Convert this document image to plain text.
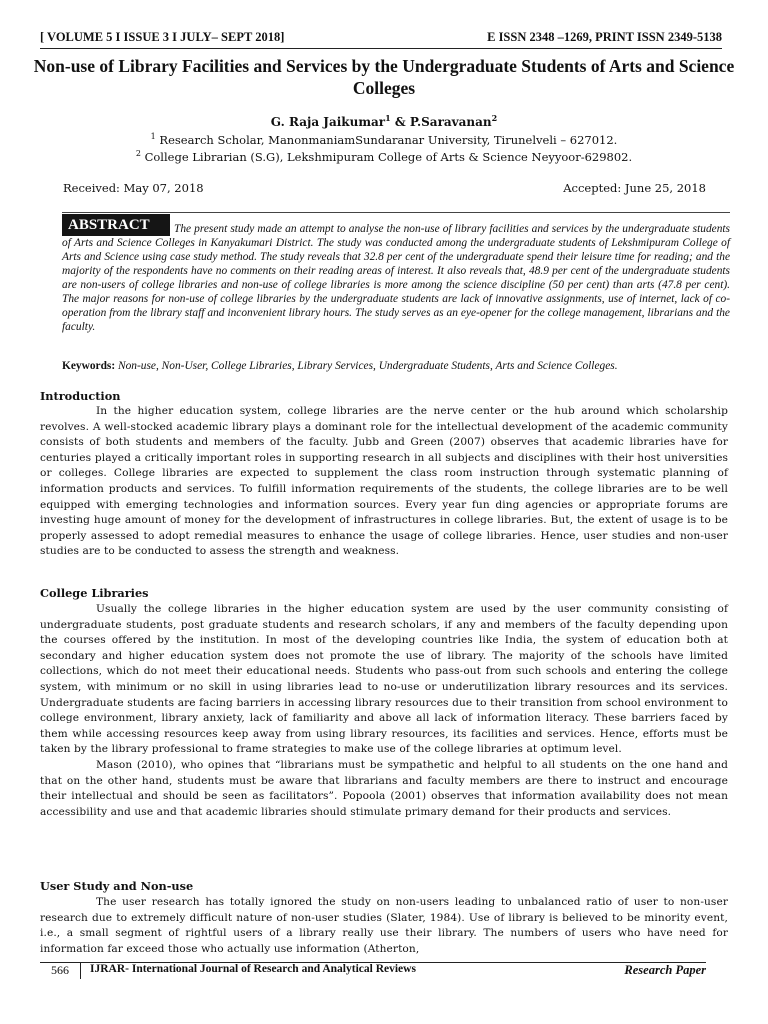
[ VOLUME 5 I ISSUE 3 I JULY– SEPT 2018]	E ISSN 2348 –1269, PRINT ISSN 2349-5138
Non-use of Library Facilities and Services by the Undergraduate Students of Arts and Science Colleges
G. Raja Jaikumar$^1$ & P.Saravanan$^2$
$^1$ Research Scholar, ManonmaniamSundaranar University, Tirunelveli – 627012.
$^2$ College Librarian (S.G), Lekshmipuram College of Arts & Science Neyyoor-629802.
Received: May 07, 2018	Accepted: June 25, 2018
The present study made an attempt to analyse the non-use of library facilities and services by the undergraduate students of Arts and Science Colleges in Kanyakumari District. The study was conducted among the undergraduate students of Lekshmipuram College of Arts and Science using case study method. The study reveals that 32.8 per cent of the undergraduate spend their leisure time for reading; and the majority of the respondents have no comments on their reading areas of interest. It also reveals that, 48.9 per cent of the undergraduate students are non-users of college libraries and non-use of college libraries is more among the science discipline (50 per cent) than arts (47.8 per cent). The major reasons for non-use of college libraries by the undergraduate students are lack of innovative assignments, use of internet, lack of co-operation from the library staff and inconvenient library hours. The study serves as an eye-opener for the college management, librarians and the faculty.
ABSTRACT
Keywords: Non-use, Non-User, College Libraries, Library Services, Undergraduate Students, Arts and Science Colleges.
Introduction

In the higher education system, college libraries are the nerve center or the hub around which scholarship revolves. A well-stocked academic library plays a dominant role for the intellectual development of the academic community consists of both students and members of the faculty. Jubb and Green (2007) observes that academic libraries have for centuries played a critically important roles in supporting research in all subjects and disciplines with their host universities or colleges. College libraries are expected to supplement the class room instruction through systematic planning of information products and services. To fulfill information requirements of the students, the college libraries are to be well equipped with emerging technologies and information sources. Every year fun ding agencies or appropriate forums are investing huge amount of money for the development of infrastructures in college libraries. But, the extent of usage is to be properly assessed to adopt remedial measures to enhance the usage of college libraries. Hence, user studies and non-user studies are to be conducted to assess the strength and weakness.

College Libraries

Usually the college libraries in the higher education system are used by the user community consisting of undergraduate students, post graduate students and research scholars, if any and members of the faculty depending upon the courses offered by the institution. In most of the developing countries like India, the system of education both at secondary and higher education system does not promote the use of library. The majority of the schools have limited collections, which do not meet their educational needs. Students who pass-out from such schools and entering the college system, with minimum or no skill in using libraries lead to no-use or underutilization library resources and its services. Undergraduate students are facing barriers in accessing library resources due to their transition from school environment to college environment, library anxiety, lack of familiarity and above all lack of information literacy. These barriers faced by them while accessing resources keep away from using library resources, its facilities and services. Hence, efforts must be taken by the library professional to frame strategies to make use of the college libraries at optimum level.

Mason (2010), who opines that “librarians must be sympathetic and helpful to all students on the one hand and that on the other hand, students must be aware that librarians and faculty members are there to instruct and encourage their intellectual and should be seen as facilitators”. Popoola (2001) observes that information availability does not mean accessibility and use and that academic libraries should stimulate primary demand for their products and services.

User Study and Non-use

The user research has totally ignored the study on non-users leading to unbalanced ratio of user to non-user research due to extremely difficult nature of non-user studies (Slater, 1984). Use of library is believed to be minority event, i.e., a small segment of rightful users of a library really use their library. The numbers of users who have need for information far exceed those who actually use information (Atherton,

566	IJRAR- International Journal of Research and Analytical Reviews	Research Paper
